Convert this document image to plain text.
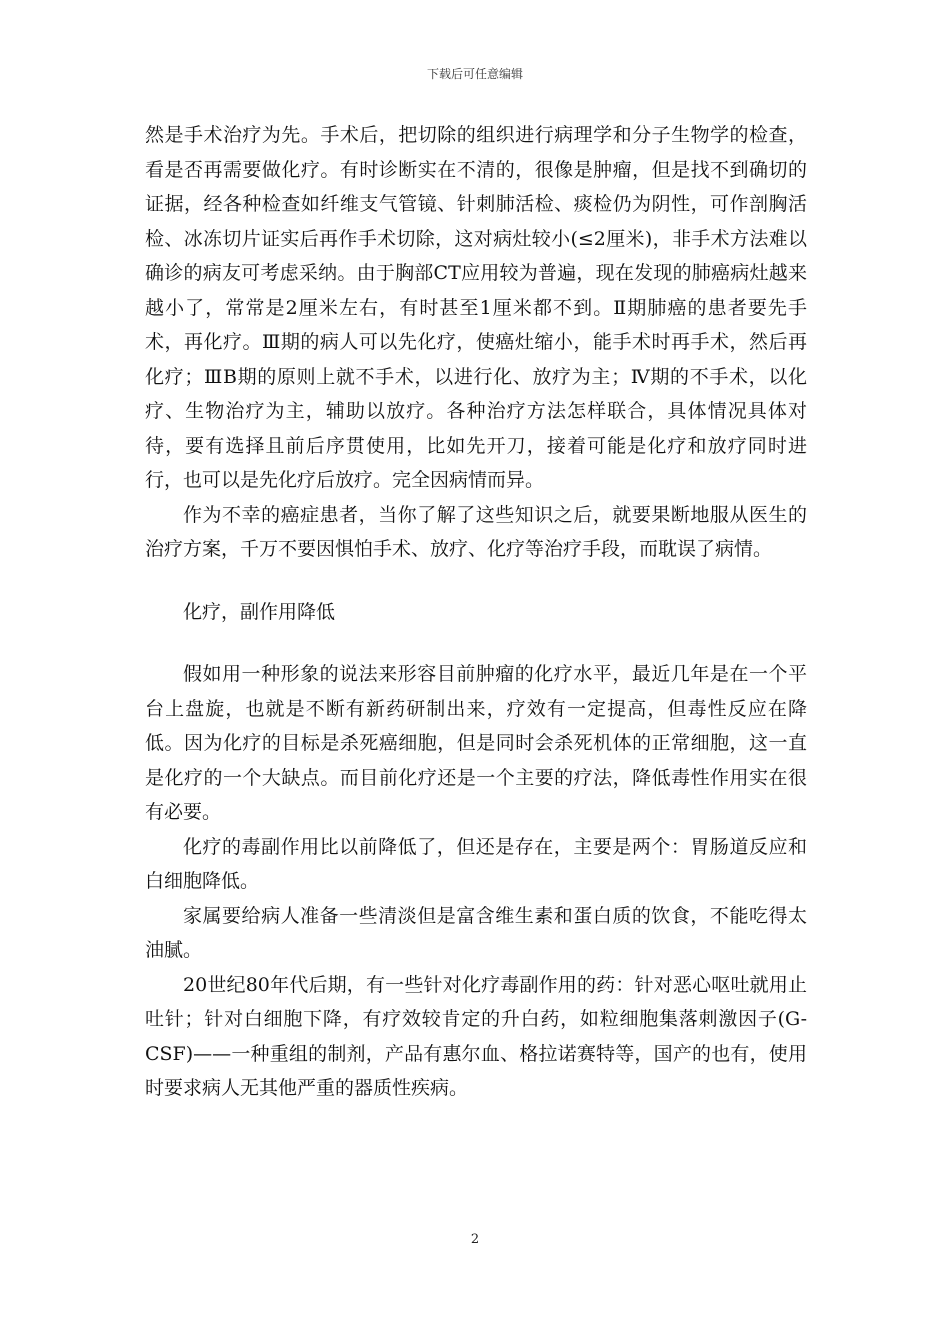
下载后可任意编辑

然是手术治疗为先。手术后，把切除的组织进行病理学和分子生物学的检查，看是否再需要做化疗。有时诊断实在不清的，很像是肿瘤，但是找不到确切的证据，经各种检查如纤维支气管镜、针刺肺活检、痰检仍为阴性，可作剖胸活检、冰冻切片证实后再作手术切除，这对病灶较小(≤2厘米)，非手术方法难以确诊的病友可考虑采纳。由于胸部CT应用较为普遍，现在发现的肺癌病灶越来越小了，常常是2厘米左右，有时甚至1厘米都不到。Ⅱ期肺癌的患者要先手术，再化疗。Ⅲ期的病人可以先化疗，使癌灶缩小，能手术时再手术，然后再化疗；ⅢB期的原则上就不手术，以进行化、放疗为主；Ⅳ期的不手术，以化疗、生物治疗为主，辅助以放疗。各种治疗方法怎样联合，具体情况具体对待，要有选择且前后序贯使用，比如先开刀，接着可能是化疗和放疗同时进行，也可以是先化疗后放疗。完全因病情而异。

作为不幸的癌症患者，当你了解了这些知识之后，就要果断地服从医生的治疗方案，千万不要因惧怕手术、放疗、化疗等治疗手段，而耽误了病情。

化疗，副作用降低

假如用一种形象的说法来形容目前肿瘤的化疗水平，最近几年是在一个平台上盘旋，也就是不断有新药研制出来，疗效有一定提高，但毒性反应在降低。因为化疗的目标是杀死癌细胞，但是同时会杀死机体的正常细胞，这一直是化疗的一个大缺点。而目前化疗还是一个主要的疗法，降低毒性作用实在很有必要。

化疗的毒副作用比以前降低了，但还是存在，主要是两个：胃肠道反应和白细胞降低。

家属要给病人准备一些清淡但是富含维生素和蛋白质的饮食，不能吃得太油腻。

20世纪80年代后期，有一些针对化疗毒副作用的药：针对恶心呕吐就用止吐针；针对白细胞下降，有疗效较肯定的升白药，如粒细胞集落刺激因子(G-CSF)——一种重组的制剂，产品有惠尔血、格拉诺赛特等，国产的也有，使用时要求病人无其他严重的器质性疾病。

2
